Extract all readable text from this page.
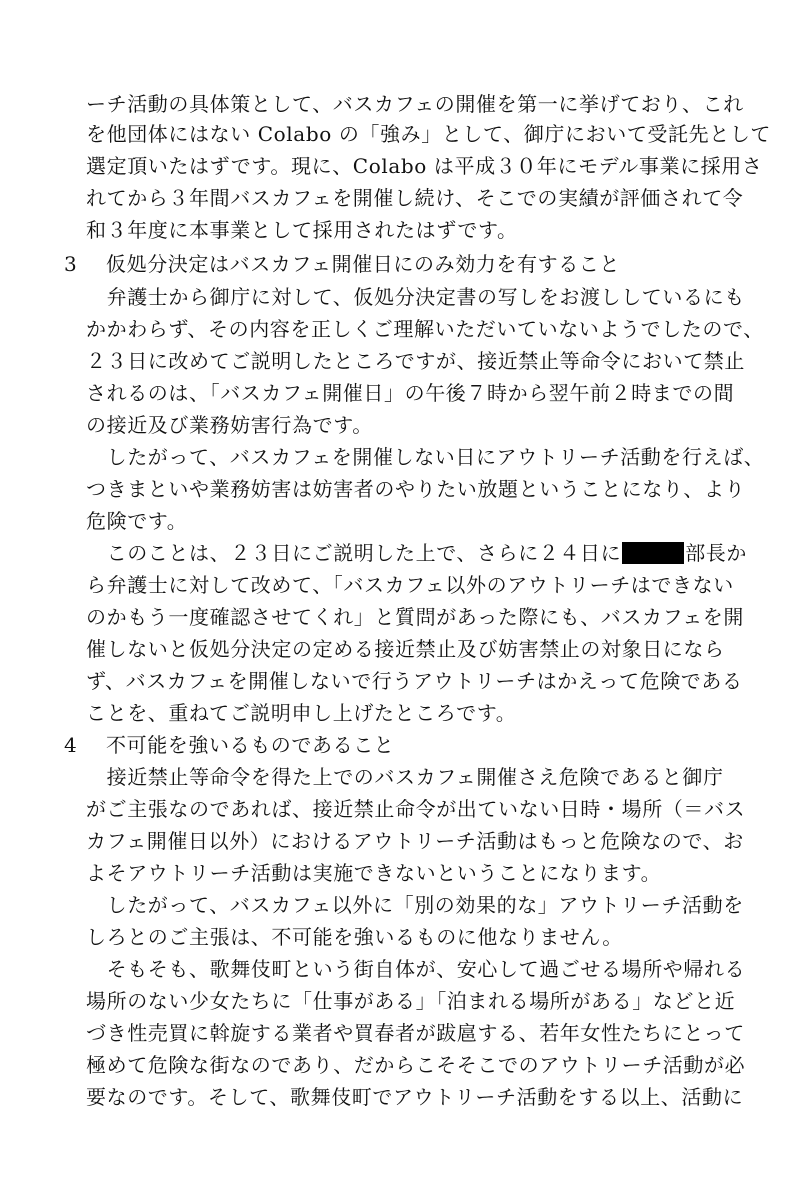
ーチ活動の具体策として、バスカフェの開催を第一に挙げており、これ
を他団体にはない Colabo の「強み」として、御庁において受託先として
選定頂いたはずです。現に、Colabo は平成３０年にモデル事業に採用さ
れてから３年間バスカフェを開催し続け、そこでの実績が評価されて令
和３年度に本事業として採用されたはずです。
3 仮処分決定はバスカフェ開催日にのみ効力を有すること
　弁護士から御庁に対して、仮処分決定書の写しをお渡ししているにも
かかわらず、その内容を正しくご理解いただいていないようでしたので、
２３日に改めてご説明したところですが、接近禁止等命令において禁止
されるのは、「バスカフェ開催日」の午後７時から翌午前２時までの間
の接近及び業務妨害行為です。
　したがって、バスカフェを開催しない日にアウトリーチ活動を行えば、
つきまといや業務妨害は妨害者のやりたい放題ということになり、より
危険です。
　このことは、２３日にご説明した上で、さらに２４日に	部長か
ら弁護士に対して改めて、「バスカフェ以外のアウトリーチはできない
のかもう一度確認させてくれ」と質問があった際にも、バスカフェを開
催しないと仮処分決定の定める接近禁止及び妨害禁止の対象日になら
ず、バスカフェを開催しないで行うアウトリーチはかえって危険である
ことを、重ねてご説明申し上げたところです。
4 不可能を強いるものであること
　接近禁止等命令を得た上でのバスカフェ開催さえ危険であると御庁
がご主張なのであれば、接近禁止命令が出ていない日時・場所（＝バス
カフェ開催日以外）におけるアウトリーチ活動はもっと危険なので、お
よそアウトリーチ活動は実施できないということになります。
　したがって、バスカフェ以外に「別の効果的な」アウトリーチ活動を
しろとのご主張は、不可能を強いるものに他なりません。
　そもそも、歌舞伎町という街自体が、安心して過ごせる場所や帰れる
場所のない少女たちに「仕事がある」「泊まれる場所がある」などと近
づき性売買に斡旋する業者や買春者が跋扈する、若年女性たちにとって
極めて危険な街なのであり、だからこそそこでのアウトリーチ活動が必
要なのです。そして、歌舞伎町でアウトリーチ活動をする以上、活動に
